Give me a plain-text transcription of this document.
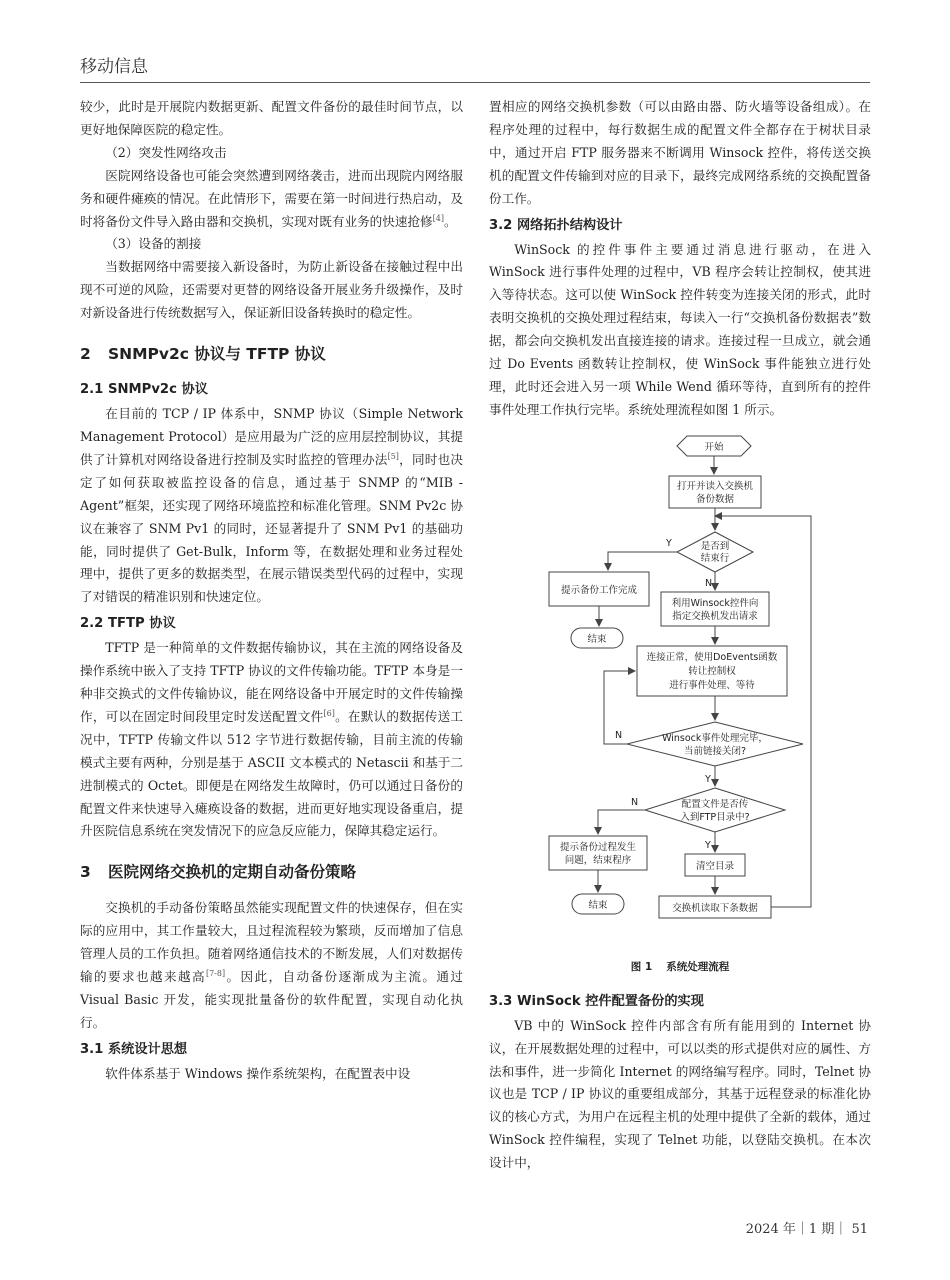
移动信息

较少，此时是开展院内数据更新、配置文件备份的最佳时间节点，以更好地保障医院的稳定性。

（2）突发性网络攻击

医院网络设备也可能会突然遭到网络袭击，进而出现院内网络服务和硬件瘫痪的情况。在此情形下，需要在第一时间进行热启动，及时将备份文件导入路由器和交换机，实现对既有业务的快速抢修[4]。

（3）设备的割接

当数据网络中需要接入新设备时，为防止新设备在接触过程中出现不可逆的风险，还需要对更替的网络设备开展业务升级操作，及时对新设备进行传统数据写入，保证新旧设备转换时的稳定性。

2 SNMPv2c 协议与 TFTP 协议
2.1 SNMPv2c 协议

在目前的 TCP / IP 体系中，SNMP 协议（Simple Network Management Protocol）是应用最为广泛的应用层控制协议，其提供了计算机对网络设备进行控制及实时监控的管理办法[5]，同时也决定了如何获取被监控设备的信息，通过基于 SNMP 的“MIB - Agent”框架，还实现了网络环境监控和标准化管理。SNM Pv2c 协议在兼容了 SNM Pv1 的同时，还显著提升了 SNM Pv1 的基础功能，同时提供了 Get-Bulk，Inform 等，在数据处理和业务过程处理中，提供了更多的数据类型，在展示错误类型代码的过程中，实现了对错误的精准识别和快速定位。

2.2 TFTP 协议

TFTP 是一种简单的文件数据传输协议，其在主流的网络设备及操作系统中嵌入了支持 TFTP 协议的文件传输功能。TFTP 本身是一种非交换式的文件传输协议，能在网络设备中开展定时的文件传输操作，可以在固定时间段里定时发送配置文件[6]。在默认的数据传送工况中，TFTP 传输文件以 512 字节进行数据传输，目前主流的传输模式主要有两种，分别是基于 ASCII 文本模式的 Netascii 和基于二进制模式的 Octet。即便是在网络发生故障时，仍可以通过日备份的配置文件来快速导入瘫痪设备的数据，进而更好地实现设备重启，提升医院信息系统在突发情况下的应急反应能力，保障其稳定运行。

3 医院网络交换机的定期自动备份策略

交换机的手动备份策略虽然能实现配置文件的快速保存，但在实际的应用中，其工作量较大，且过程流程较为繁琐，反而增加了信息管理人员的工作负担。随着网络通信技术的不断发展，人们对数据传输的要求也越来越高[7-8]。因此，自动备份逐渐成为主流。通过 Visual Basic 开发，能实现批量备份的软件配置，实现自动化执行。

3.1 系统设计思想

软件体系基于 Windows 操作系统架构，在配置表中设

置相应的网络交换机参数（可以由路由器、防火墙等设备组成）。在程序处理的过程中，每行数据生成的配置文件全都存在于树状目录中，通过开启 FTP 服务器来不断调用 Winsock 控件，将传送交换机的配置文件传输到对应的目录下，最终完成网络系统的交换配置备份工作。

3.2 网络拓扑结构设计

WinSock 的控件事件主要通过消息进行驱动，在进入 WinSock 进行事件处理的过程中，VB 程序会转让控制权，使其进入等待状态。这可以使 WinSock 控件转变为连接关闭的形式，此时表明交换机的交换处理过程结束，每读入一行“交换机备份数据表”数据，都会向交换机发出直接连接的请求。连接过程一旦成立，就会通过 Do Events 函数转让控制权，使 WinSock 事件能独立进行处理，此时还会进入另一项 While Wend 循环等待，直到所有的控件事件处理工作执行完毕。系统处理流程如图 1 所示。

开始
打开并读入交换机
备份数据
是否到
结束行
Y
提示备份工作完成
结束
N
利用Winsock控件向
指定交换机发出请求
连接正常，使用DoEvents函数
转让控制权
进行事件处理、等待
Winsock事件处理完毕，
当前链接关闭?
N
Y
配置文件是否传
入到FTP目录中?
N
提示备份过程发生
问题，结束程序
结束
Y
清空目录
交换机读取下条数据
图 1 系统处理流程
3.3 WinSock 控件配置备份的实现

VB 中的 WinSock 控件内部含有所有能用到的 Internet 协议，在开展数据处理的过程中，可以以类的形式提供对应的属性、方法和事件，进一步简化 Internet 的网络编写程序。同时，Telnet 协议也是 TCP / IP 协议的重要组成部分，其基于远程登录的标准化协议的核心方式，为用户在远程主机的处理中提供了全新的载体，通过 WinSock 控件编程，实现了 Telnet 功能，以登陆交换机。在本次设计中，

2024 年｜1 期｜ 51
